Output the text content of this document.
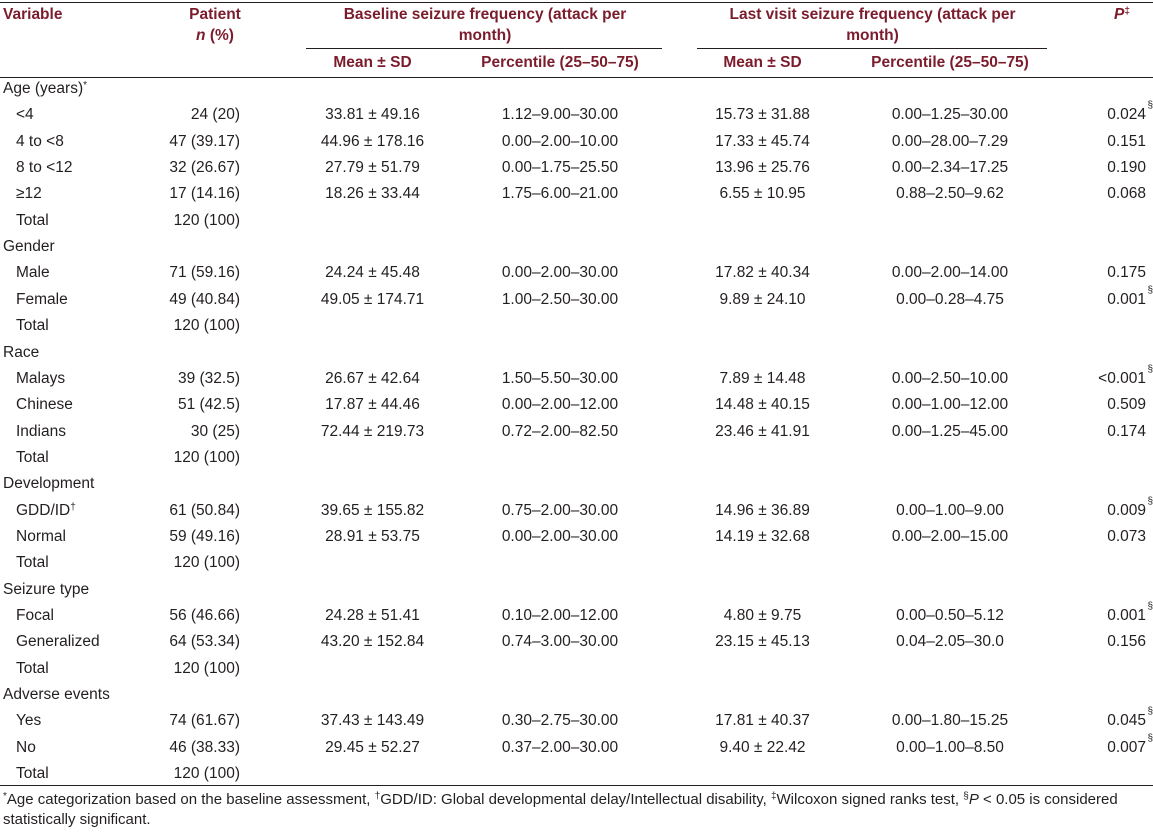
Variable	Patient
n (%)
Baseline seizure frequency (attack per
month)
Last visit seizure frequency (attack per
month)
P‡
Mean ± SD	Percentile (25–50–75)	Mean ± SD	Percentile (25–50–75)
Age (years)*
<4	24 (20)	33.81 ± 49.16	1.12–9.00–30.00	15.73 ± 31.88	0.00–1.25–30.00	0.024
§
4 to <8	47 (39.17)	44.96 ± 178.16	0.00–2.00–10.00	17.33 ± 45.74	0.00–28.00–7.29	0.151
8 to <12	32 (26.67)	27.79 ± 51.79	0.00–1.75–25.50	13.96 ± 25.76	0.00–2.34–17.25	0.190
≥12	17 (14.16)	18.26 ± 33.44	1.75–6.00–21.00	6.55 ± 10.95	0.88–2.50–9.62	0.068
Total	120 (100)
Gender
Male	71 (59.16)	24.24 ± 45.48	0.00–2.00–30.00	17.82 ± 40.34	0.00–2.00–14.00	0.175
Female	49 (40.84)	49.05 ± 174.71	1.00–2.50–30.00	9.89 ± 24.10	0.00–0.28–4.75	0.001
§
Total	120 (100)
Race
Malays	39 (32.5)	26.67 ± 42.64	1.50–5.50–30.00	7.89 ± 14.48	0.00–2.50–10.00	<0.001
§
Chinese	51 (42.5)	17.87 ± 44.46	0.00–2.00–12.00	14.48 ± 40.15	0.00–1.00–12.00	0.509
Indians	30 (25)	72.44 ± 219.73	0.72–2.00–82.50	23.46 ± 41.91	0.00–1.25–45.00	0.174
Total	120 (100)
Development
GDD/ID†	61 (50.84)	39.65 ± 155.82	0.75–2.00–30.00	14.96 ± 36.89	0.00–1.00–9.00	0.009
§
Normal	59 (49.16)	28.91 ± 53.75	0.00–2.00–30.00	14.19 ± 32.68	0.00–2.00–15.00	0.073
Total	120 (100)
Seizure type
Focal	56 (46.66)	24.28 ± 51.41	0.10–2.00–12.00	4.80 ± 9.75	0.00–0.50–5.12	0.001
§
Generalized	64 (53.34)	43.20 ± 152.84	0.74–3.00–30.00	23.15 ± 45.13	0.04–2.05–30.0	0.156
Total	120 (100)
Adverse events
Yes	74 (61.67)	37.43 ± 143.49	0.30–2.75–30.00	17.81 ± 40.37	0.00–1.80–15.25	0.045
§
No	46 (38.33)	29.45 ± 52.27	0.37–2.00–30.00	9.40 ± 22.42	0.00–1.00–8.50	0.007
§
Total	120 (100)
*Age categorization based on the baseline assessment, †GDD/ID: Global developmental delay/Intellectual disability, ‡Wilcoxon signed ranks test, §P < 0.05 is considered statistically significant.
